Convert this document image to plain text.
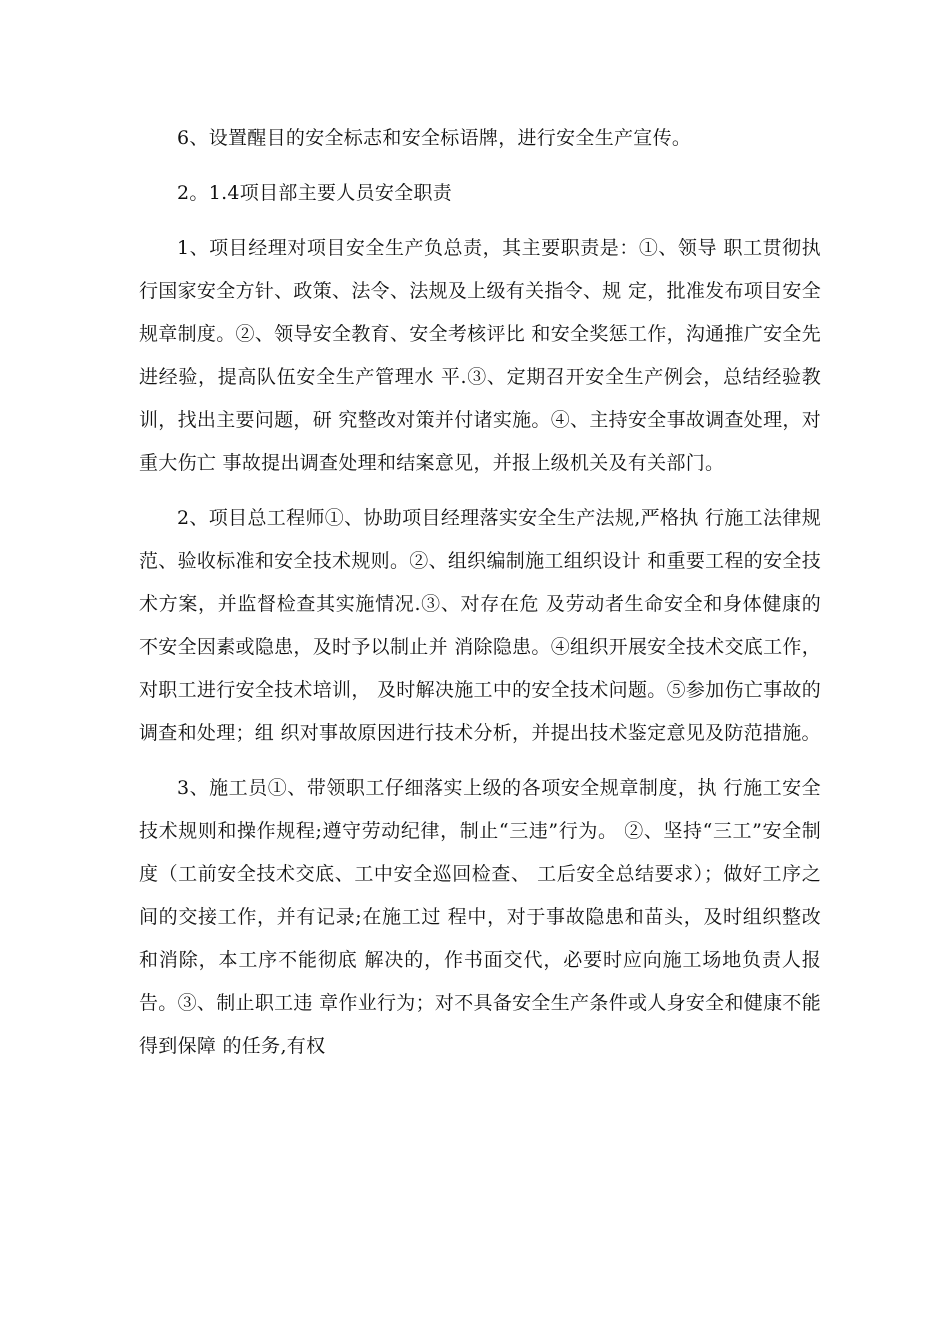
6、设置醒目的安全标志和安全标语牌，进行安全生产宣传。

2。1.4项目部主要人员安全职责

1、项目经理对项目安全生产负总责，其主要职责是：①、领导 职工贯彻执行国家安全方针、政策、法令、法规及上级有关指令、规 定，批准发布项目安全规章制度。②、领导安全教育、安全考核评比 和安全奖惩工作，沟通推广安全先进经验，提高队伍安全生产管理水 平.③、定期召开安全生产例会，总结经验教训，找出主要问题，研 究整改对策并付诸实施。④、主持安全事故调查处理，对重大伤亡 事故提出调查处理和结案意见，并报上级机关及有关部门。

2、项目总工程师①、协助项目经理落实安全生产法规,严格执 行施工法律规范、验收标准和安全技术规则。②、组织编制施工组织设计 和重要工程的安全技术方案，并监督检查其实施情况.③、对存在危 及劳动者生命安全和身体健康的不安全因素或隐患，及时予以制止并 消除隐患。④组织开展安全技术交底工作，对职工进行安全技术培训， 及时解决施工中的安全技术问题。⑤参加伤亡事故的调查和处理；组 织对事故原因进行技术分析，并提出技术鉴定意见及防范措施。

3、施工员①、带领职工仔细落实上级的各项安全规章制度，执 行施工安全技术规则和操作规程;遵守劳动纪律，制止“三违”行为。 ②、坚持“三工”安全制度（工前安全技术交底、工中安全巡回检查、 工后安全总结要求）；做好工序之间的交接工作，并有记录;在施工过 程中，对于事故隐患和苗头，及时组织整改和消除，本工序不能彻底 解决的，作书面交代，必要时应向施工场地负责人报告。③、制止职工违 章作业行为；对不具备安全生产条件或人身安全和健康不能得到保障 的任务,有权
